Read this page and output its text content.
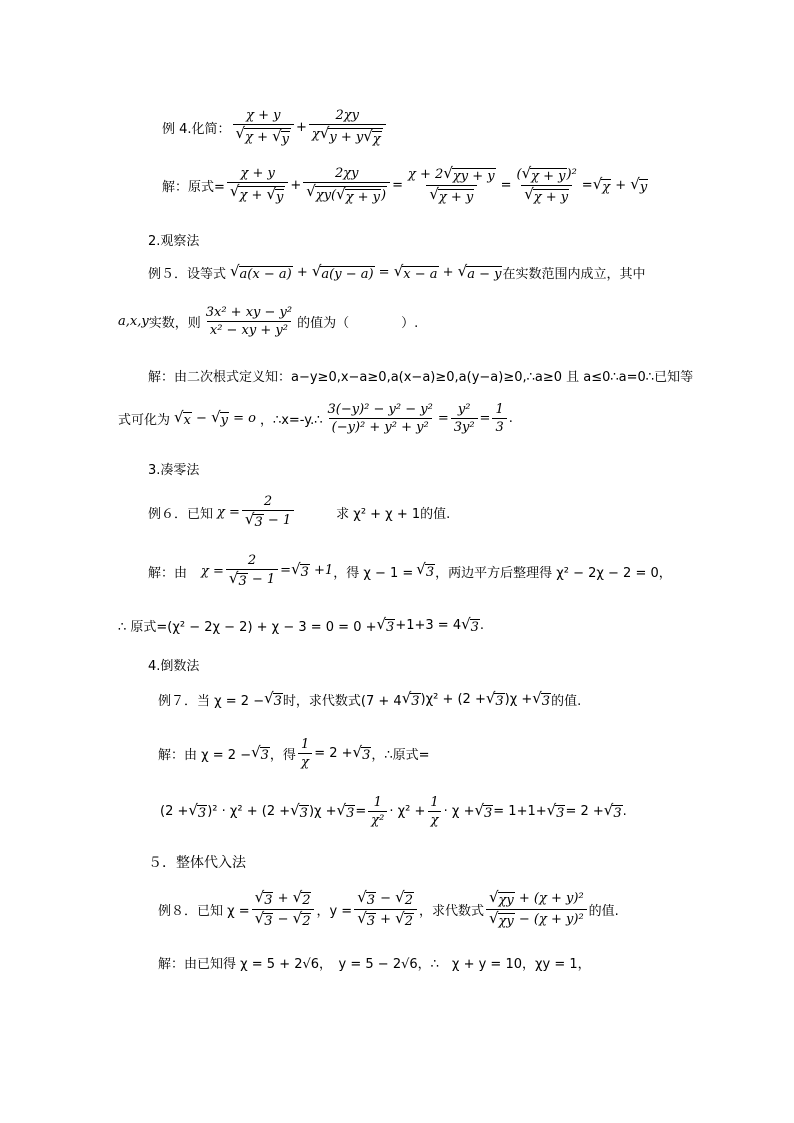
例 4.化简： $\frac{\chi + y}{√ \chi + √ y} + \frac{2\chi y}{\chi √ y + y √ \chi}$
解：原式= $\frac{\chi + y}{√ \chi + √ y} + \frac{2\chi y}{√ \chi y( √ \chi + y )} = \frac{\chi + 2 √ \chi y + y}{√ \chi + y} = \frac{\text{( √ χ + y )²}}{√ \chi + y}$ = √ χ + √ y
2.观察法
例５．设等式 √ a(x − a) + √ a(y − a) = √ x − a + √ a − y 在实数范围内成立，其中
a,x,y 实数，则 $\frac{\text{3x² + xy − y²}}{\text{x² − xy + y²}}$ 的值为（　　　　）.
解：由二次根式定义知：a−y≥0,x−a≥0,a(x−a)≥0,a(y−a)≥0,∴a≥0 且 a≤0∴a=0∴已知等
式可化为 √ x − √ y = o ，∴x=-y.∴ $\frac{\text{3(−y)² − y² − y²}}{\text{(−y)² + y² + y²}} = \frac{\text{y²}}{\text{3y²}} = \frac{1}{3}$ .
3.凑零法
例６．已知 $\chi = \frac{2}{√ 3 - 1}$	求 χ² + χ + 1的值.
解：由 $\chi = \frac{2}{√ 3 - 1}$ = √ 3 +1 ，得 χ − 1 = √ 3 ，两边平方后整理得 χ² − 2χ − 2 = 0，
∴ 原式=(χ² − 2χ − 2) + χ − 3 = 0 = 0 + √ 3 +1+3 = 4 √ 3 .
4.倒数法
例７．当 χ = 2 − √ 3 时，求代数式(7 + 4 √ 3 )χ² + (2 + √ 3 )χ + √ 3 的值.
解：由 χ = 2 − √ 3 ，得 $\frac{1}{\chi} = 2$ + √ 3 ，∴原式=
(2 + √ 3 )² · χ² + (2 + √ 3 )χ + √ $3 = \frac{1}{\text{χ²}} \cdot \chi^2 + \frac{1}{\chi} \cdot \chi$ + √ 3 = 1+1+ √ 3 = 2 + √ 3 .
５．整体代入法
例８．已知 $\chi = \frac{√ 3 + √ 2}{√ 3 - √ 2}$ ，$y = \frac{√ 3 - √ 2}{√ 3 + √ 2}$ ，求代数式 $\frac{\text{√ χy + (χ + y)²}}{\text{√ χy − (χ + y)²}}$ 的值.
解：由已知得 χ = 5 + 2√6，　y = 5 − 2√6，∴　χ + y = 10，χy = 1，
